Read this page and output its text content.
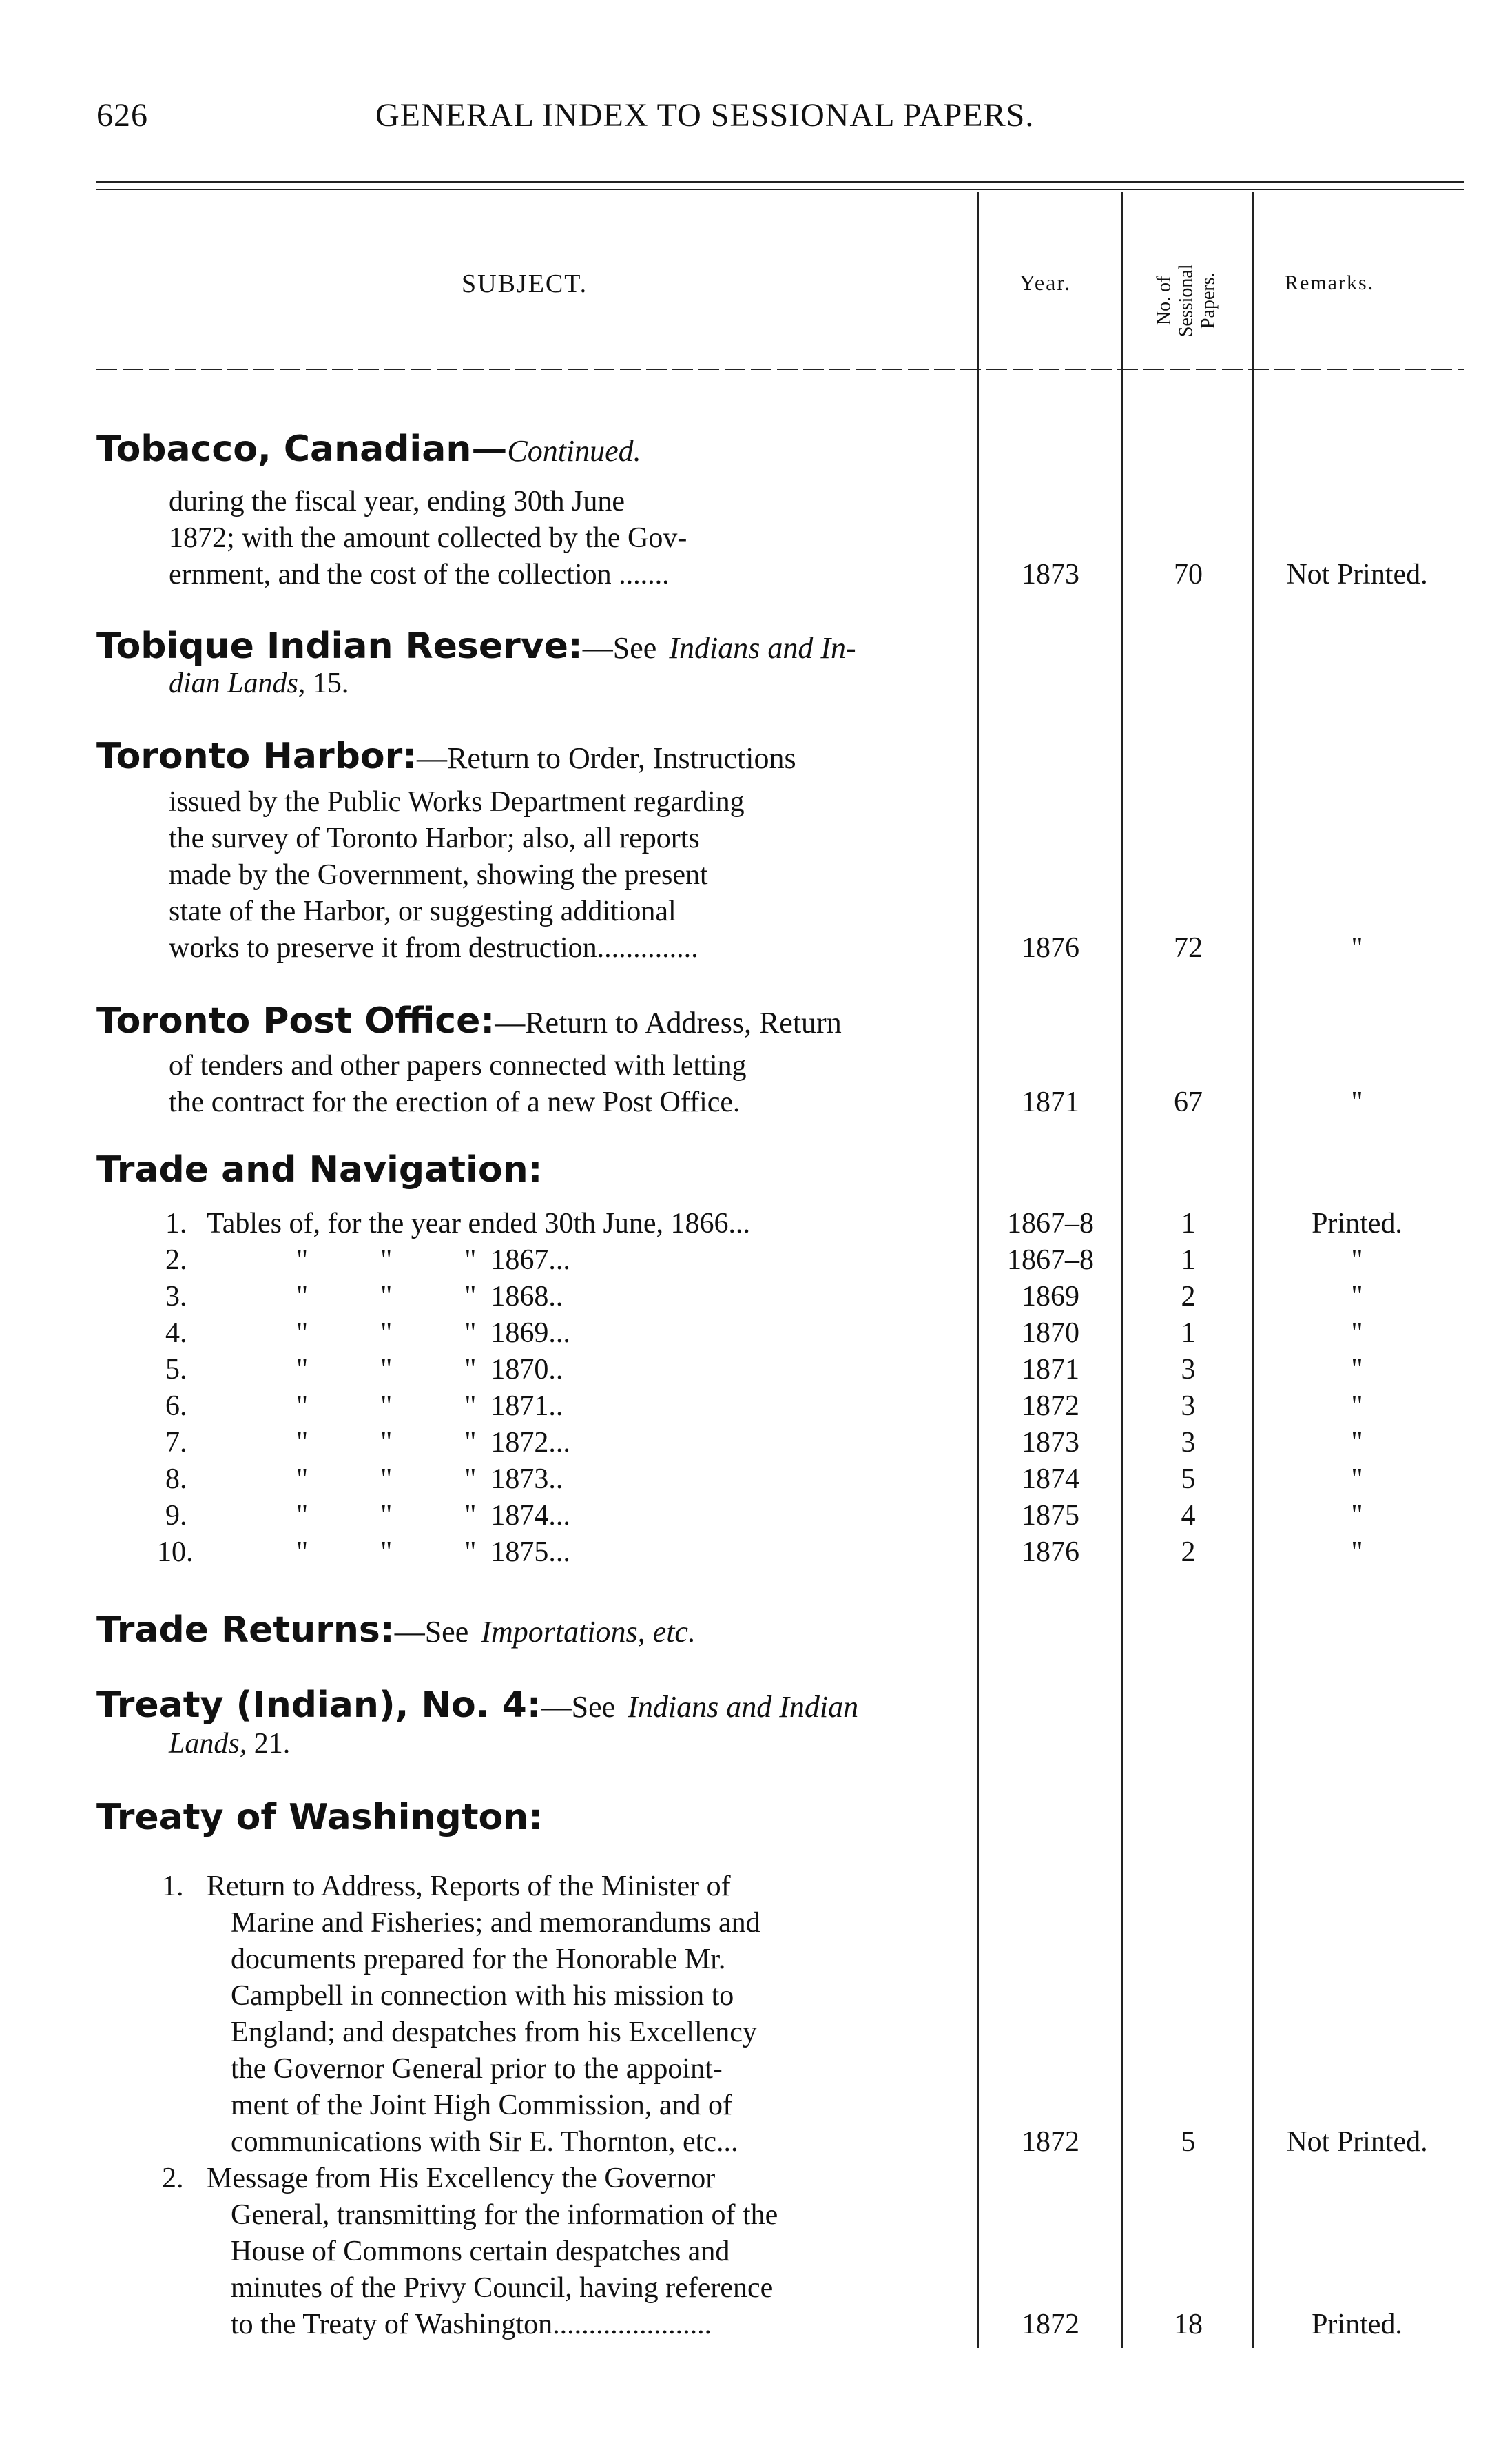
626	GENERAL INDEX TO SESSIONAL PAPERS.
SUBJECT.	Year.	No. of Sessional Papers.	Remarks.
Tobacco, Canadian—Continued.
during the fiscal year, ending 30th June
1872; with the amount collected by the Gov-
ernment, and the cost of the collection .......	1873	70	Not Printed.
Tobique Indian Reserve:—See Indians and In-
dian Lands, 15.
Toronto Harbor:—Return to Order, Instructions
issued by the Public Works Department regarding
the survey of Toronto Harbor; also, all reports
made by the Government, showing the present
state of the Harbor, or suggesting additional
works to preserve it from destruction..............	1876	72	"
Toronto Post Office:—Return to Address, Return
of tenders and other papers connected with letting
the contract for the erection of a new Post Office.	1871	67	"
Trade and Navigation:
1. Tables of, for the year ended 30th June, 1866...	1867–8	1	Printed.
2.	"          "          "  1867...	1867–8	1	"
3.	"          "          "  1868..	1869	2	"
4.	"          "          "  1869...	1870	1	"
5.	"          "          "  1870..	1871	3	"
6.	"          "          "  1871..	1872	3	"
7.	"          "          "  1872...	1873	3	"
8.	"          "          "  1873..	1874	5	"
9.	"          "          "  1874...	1875	4	"
10.	"          "          "  1875...	1876	2	"
Trade Returns:—See Importations, etc.
Treaty (Indian), No. 4:—See Indians and Indian
Lands, 21.
Treaty of Washington:
1. Return to Address, Reports of the Minister of
Marine and Fisheries; and memorandums and
documents prepared for the Honorable Mr.
Campbell in connection with his mission to
England; and despatches from his Excellency
the Governor General prior to the appoint-
ment of the Joint High Commission, and of
communications with Sir E. Thornton, etc...	1872	5	Not Printed.
2. Message from His Excellency the Governor
General, transmitting for the information of the
House of Commons certain despatches and
minutes of the Privy Council, having reference
to the Treaty of Washington......................	1872	18	Printed.
